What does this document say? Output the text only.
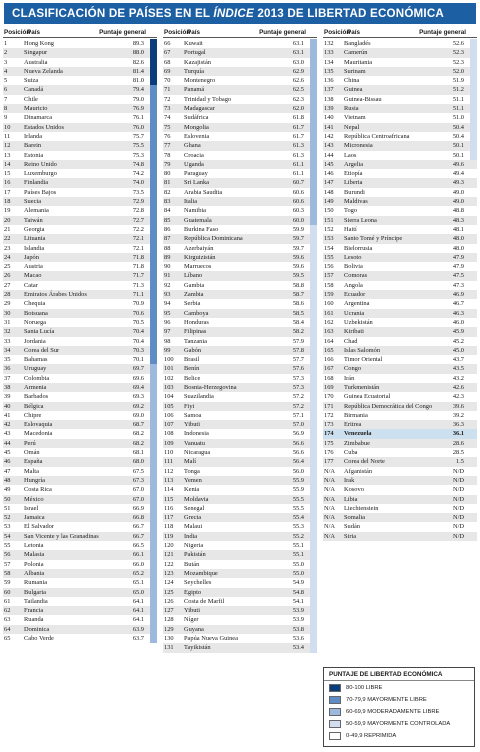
CLASIFICACIÓN DE PAÍSES EN EL ÍNDICE 2013 DE LIBERTAD ECONÓMICA
Posición
País	Puntaje general
1	Hong Kong	89.3
2	Singapur	88.0
3	Australia	82.6
4	Nueva Zelanda	81.4
5	Suiza	81.0
6	Canadá	79.4
7	Chile	79.0
8	Mauricio	76.9
9	Dinamarca	76.1
10 Estados Unidos	76.0
11 Irlanda	75.7
12 Barein	75.5
13 Estonia	75.3
14 Reino Unido	74.8
15 Luxemburgo	74.2
16 Finlandia	74.0
17 Países Bajos	73.5
18 Suecia	72.9
19 Alemania	72.8
20 Taiwán	72.7
21 Georgia	72.2
22 Lituania	72.1
23 Islandia	72.1
24 Japón	71.8
25 Austria	71.8
26 Macao	71.7
27 Catar	71.3
28 Emiratos Árabes Unidos	71.1
29 Chequia	70.9
30 Botsuana	70.6
31 Noruega	70.5
32 Santa Lucía	70.4
33 Jordania	70.4
34 Corea del Sur	70.3
35 Bahamas	70.1
36 Uruguay	69.7
37 Colombia	69.6
38 Armenia	69.4
39 Barbados	69.3
40 Bélgica	69.2
41 Chipre	69.0
42 Eslovaquia	68.7
43 Macedonia	68.2
44 Perú	68.2
45 Omán	68.1
46 España	68.0
47 Malta	67.5
48 Hungría	67.3
49 Costa Rica	67.0
50 México	67.0
51 Israel	66.9
52 Jamaica	66.8
53 El Salvador	66.7
54 San Vicente y las Granadinas	66.7
55 Letonia	66.5
56 Malasia	66.1
57 Polonia	66.0
58 Albania	65.2
59 Rumania	65.1
60 Bulgaria	65.0
61 Tailandia	64.1
62 Francia	64.1
63 Ruanda	64.1
64 Dominica	63.9
65 Cabo Verde	63.7
Posición
País	Puntaje general
66 Kuwait	63.1
67 Portugal	63.1
68 Kazajistán	63.0
69 Turquía	62.9
70 Montenegro	62.6
71 Panamá	62.5
72 Trinidad y Tobago	62.3
73 Madagascar	62.0
74 Sudáfrica	61.8
75 Mongolia	61.7
76 Eslovenia	61.7
77 Ghana	61.3
78 Croacia	61.3
79 Uganda	61.1
80 Paraguay	61.1
81 Sri Lanka	60.7
82 Arabia Saudita	60.6
83 Italia	60.6
84 Namibia	60.3
85 Guatemala	60.0
86 Burkina Faso	59.9
87 República Dominicana	59.7
88 Azerbaiyán	59.7
89 Kirguizistán	59.6
90 Marruecos	59.6
91 Líbano	59.5
92 Gambia	58.8
93 Zambia	58.7
94 Serbia	58.6
95 Camboya	58.5
96 Honduras	58.4
97 Filipinas	58.2
98 Tanzania	57.9
99 Gabón	57.8
100 Brasil	57.7
101 Benín	57.6
102 Belice	57.3
103 Bosnia-Herzegovina	57.3
104 Suazilandia	57.2
105 Fiyi	57.2
106 Samoa	57.1
107 Yibuti	57.0
108 Indonesia	56.9
109 Vanuatu	56.6
110 Nicaragua	56.6
111 Malí	56.4
112 Tonga	56.0
113 Yemen	55.9
114 Kenia	55.9
115 Moldavia	55.5
116 Senegal	55.5
117 Grecia	55.4
118 Malaui	55.3
119 India	55.2
120 Nigeria	55.1
121 Pakistán	55.1
122 Bután	55.0
123 Mozambique	55.0
124 Seychelles	54.9
125 Egipto	54.8
126 Costa de Marfil	54.1
127 Yibuti	53.9
128 Níger	53.9
129 Guyana	53.8
130 Papúa Nueva Guinea	53.6
131 Tayikistán	53.4
Posición
País	Puntaje general
132 Bangladés	52.6
133 Camerún	52.3
134 Mauritania	52.3
135 Surinam	52.0
136 China	51.9
137 Guinea	51.2
138 Guinea-Bissau	51.1
139 Rusia	51.1
140 Vietnam	51.0
141 Nepal	50.4
142 República Centroafricana	50.4
143 Micronesia	50.1
144 Laos	50.1
145 Argelia	49.6
146 Etiopía	49.4
147 Liberia	49.3
148 Burundi	49.0
149 Maldivas	49.0
150 Togo	48.8
151 Sierra Leona	48.3
152 Haití	48.1
153 Santo Tomé y Príncipe	48.0
154 Bielorrusia	48.0
155 Lesoto	47.9
156 Bolivia	47.9
157 Comoras	47.5
158 Angola	47.3
159 Ecuador	46.9
160 Argentina	46.7
161 Ucrania	46.3
162 Uzbekistán	46.0
163 Kiribati	45.9
164 Chad	45.2
165 Islas Salomón	45.0
166 Timor Oriental	43.7
167 Congo	43.5
168 Irán	43.2
169 Turkmenistán	42.6
170 Guinea Ecuatorial	42.3
171 República Democrática del Congo	39.6
172 Birmania	39.2
173 Eritrea	36.3
174 Venezuela	36.1
175 Zimbabue	28.6
176 Cuba	28.5
177 Corea del Norte	1.5
N/A Afganistán	N/D
N/A Irak	N/D
N/A Kosovo	N/D
N/A Libia	N/D
N/A Liechtenstein	N/D
N/A Somalia	N/D
N/A Sudán	N/D
N/A Siria	N/D
PUNTAJE DE LIBERTAD ECONÓMICA
80-100 LIBRE
70-79,9 MAYORMENTE LIBRE
60-69,9 MODERADAMENTE LIBRE
50-59,9 MAYORMENTE CONTROLADA
0-49,9 REPRIMIDA
